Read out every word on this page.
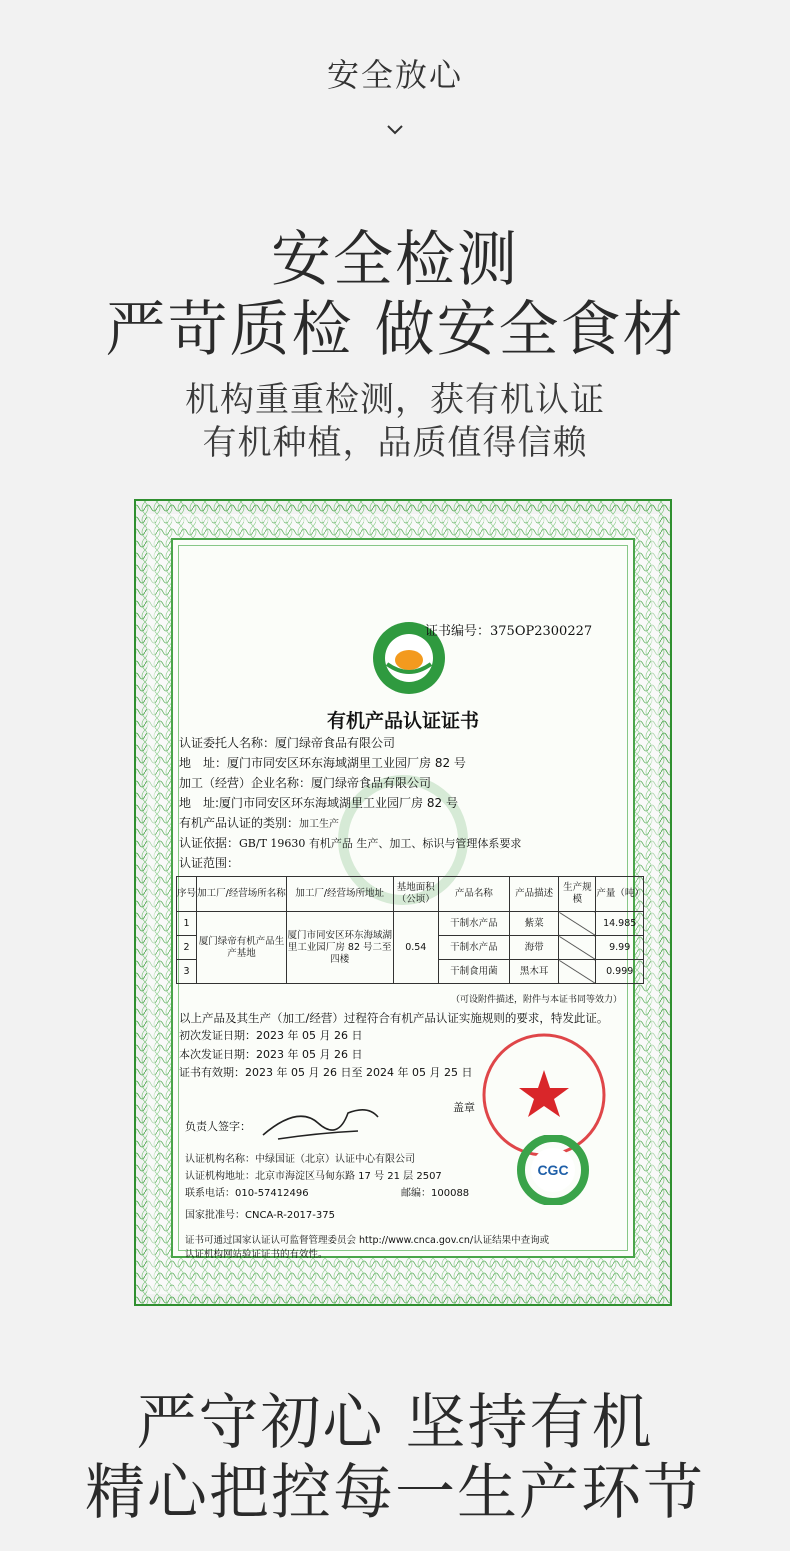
安全放心
安全检测
严苛质检 做安全食材
机构重重检测，获有机认证
有机种植，品质值得信赖
证书编号：375OP2300227
有机产品认证证书
认证委托人名称：厦门绿帝食品有限公司
地　址：厦门市同安区环东海域湖里工业园厂房 82 号
加工（经营）企业名称：厦门绿帝食品有限公司
地　址:厦门市同安区环东海域湖里工业园厂房 82 号
有机产品认证的类别：加工生产
认证依据：GB/T 19630 有机产品 生产、加工、标识与管理体系要求
认证范围：
序号	加工厂/经营场所名称	加工厂/经营场所地址	基地面积（公顷）	产品名称	产品描述	生产规模	产量（吨）
1	厦门绿帝有机产品生产基地	厦门市同安区环东海域湖里工业园厂房 82 号二至四楼	0.54	干制水产品	紫菜		14.985
2				干制水产品	海带		9.99
3				干制食用菌	黑木耳		0.999
（可设附件描述，附件与本证书同等效力）
以上产品及其生产（加工/经营）过程符合有机产品认证实施规则的要求，特发此证。
初次发证日期：2023 年 05 月 26 日
本次发证日期：2023 年 05 月 26 日
证书有效期：2023 年 05 月 26 日至 2024 年 05 月 25 日
盖章
负责人签字：
认证机构名称：中绿国证（北京）认证中心有限公司
认证机构地址：北京市海淀区马甸东路 17 号 21 层 2507
联系电话：010-57412496	邮编：100088
国家批准号：CNCA-R-2017-375
证书可通过国家认证认可监督管理委员会 http://www.cnca.gov.cn/认证结果中查询或
认证机构网站验证证书的有效性。
CGC
严守初心 坚持有机
精心把控每一生产环节
